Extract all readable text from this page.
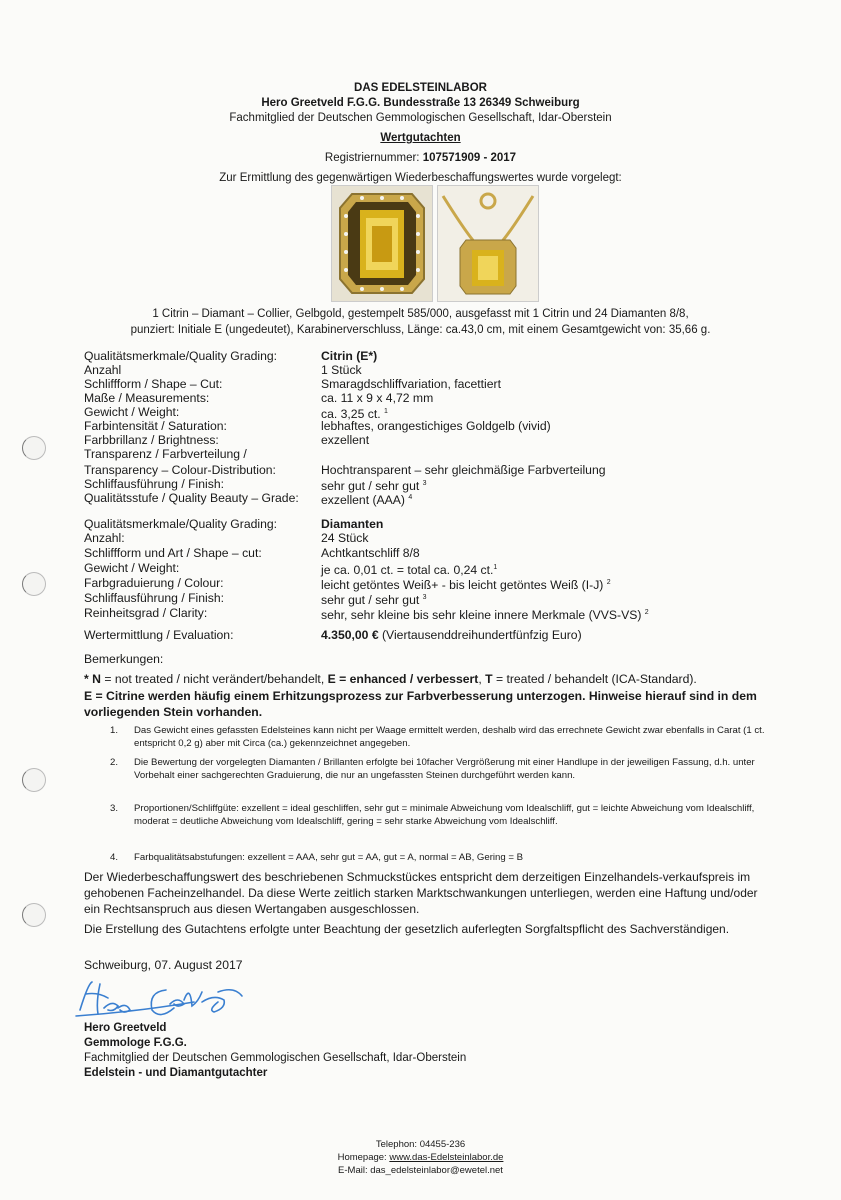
DAS EDELSTEINLABOR
Hero Greetveld F.G.G. Bundesstraße 13 26349 Schweiburg
Fachmitglied der Deutschen Gemmologischen Gesellschaft, Idar-Oberstein
Wertgutachten
Registriernummer: 107571909 - 2017
Zur Ermittlung des gegenwärtigen Wiederbeschaffungswertes wurde vorgelegt:
1 Citrin – Diamant – Collier, Gelbgold, gestempelt 585/000, ausgefasst mit 1 Citrin und 24 Diamanten 8/8,
punziert: Initiale E (ungedeutet), Karabinerverschluss, Länge: ca.43,0 cm, mit einem Gesamtgewicht von: 35,66 g.
Qualitätsmerkmale/Quality Grading:	Citrin (E*)
Anzahl	1 Stück
Schliffform / Shape – Cut:	Smaragdschliffvariation, facettiert
Maße / Measurements:	ca. 11 x 9 x 4,72 mm
Gewicht / Weight:	ca. 3,25 ct. $^1$
Farbintensität / Saturation:	lebhaftes, orangestichiges Goldgelb (vivid)
Farbbrillanz / Brightness:	exzellent
Transparenz / Farbverteilung /
Transparency – Colour-Distribution:	Hochtransparent – sehr gleichmäßige Farbverteilung
Schliffausführung / Finish:	sehr gut / sehr gut $^3$
Qualitätsstufe / Quality Beauty – Grade:	exzellent (AAA) $^4$
Qualitätsmerkmale/Quality Grading:	Diamanten
Anzahl:	24 Stück
Schliffform und Art / Shape – cut:	Achtkantschliff 8/8
Gewicht / Weight:	je ca. 0,01 ct. = total ca. 0,24 ct.$^1$
Farbgraduierung / Colour:	leicht getöntes Weiß+ - bis leicht getöntes Weiß (I-J) $^2$
Schliffausführung / Finish:	sehr gut / sehr gut $^3$
Reinheitsgrad / Clarity:	sehr, sehr kleine bis sehr kleine innere Merkmale (VVS-VS) $^2$
Wertermittlung / Evaluation:	4.350,00 € (Viertausenddreihundertfünfzig Euro)
Bemerkungen:
* N = not treated / nicht verändert/behandelt, E = enhanced / verbessert, T = treated / behandelt (ICA-Standard).
E = Citrine werden häufig einem Erhitzungsprozess zur Farbverbesserung unterzogen. Hinweise hierauf sind in dem vorliegenden Stein vorhanden.
1. Das Gewicht eines gefassten Edelsteines kann nicht per Waage ermittelt werden, deshalb wird das errechnete Gewicht zwar ebenfalls in Carat (1 ct. entspricht 0,2 g) aber mit Circa (ca.) gekennzeichnet angegeben.
2. Die Bewertung der vorgelegten Diamanten / Brillanten erfolgte bei 10facher Vergrößerung mit einer Handlupe in der jeweiligen Fassung, d.h. unter Vorbehalt einer sachgerechten Graduierung, die nur an ungefassten Steinen durchgeführt werden kann.
3. Proportionen/Schliffgüte: exzellent = ideal geschliffen, sehr gut = minimale Abweichung vom Idealschliff, gut = leichte Abweichung vom Idealschliff, moderat = deutliche Abweichung vom Idealschliff, gering = sehr starke Abweichung vom Idealschliff.
4. Farbqualitätsabstufungen: exzellent = AAA, sehr gut = AA, gut = A, normal = AB, Gering = B
Der Wiederbeschaffungswert des beschriebenen Schmuckstückes entspricht dem derzeitigen Einzelhandels-verkaufspreis im gehobenen Facheinzelhandel. Da diese Werte zeitlich starken Marktschwankungen unterliegen, werden eine Haftung und/oder ein Rechtsanspruch aus diesen Wertangaben ausgeschlossen.
Die Erstellung des Gutachtens erfolgte unter Beachtung der gesetzlich auferlegten Sorgfaltspflicht des Sachverständigen.
Schweiburg, 07. August 2017
Hero Greetveld
Gemmologe F.G.G.
Fachmitglied der Deutschen Gemmologischen Gesellschaft, Idar-Oberstein
Edelstein - und Diamantgutachter
Telephon: 04455-236
Homepage: www.das-Edelsteinlabor.de
E-Mail: das_edelsteinlabor@ewetel.net
